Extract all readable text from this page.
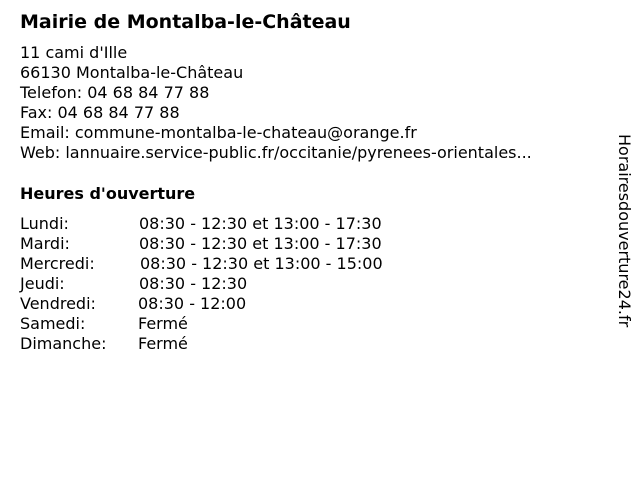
Mairie de Montalba-le-Château
11 cami d'Ille
66130 Montalba-le-Château
Telefon: 04 68 84 77 88
Fax: 04 68 84 77 88
Email: commune-montalba-le-chateau@orange.fr
Web: lannuaire.service-public.fr/occitanie/pyrenees-orientales...
Heures d'ouverture
Lundi:	08:30 - 12:30 et 13:00 - 17:30
Mardi:	08:30 - 12:30 et 13:00 - 17:30
Mercredi:	08:30 - 12:30 et 13:00 - 15:00
Jeudi:	08:30 - 12:30
Vendredi:	08:30 - 12:00
Samedi:	Fermé
Dimanche: Fermé
Horairesdouverture24.fr
